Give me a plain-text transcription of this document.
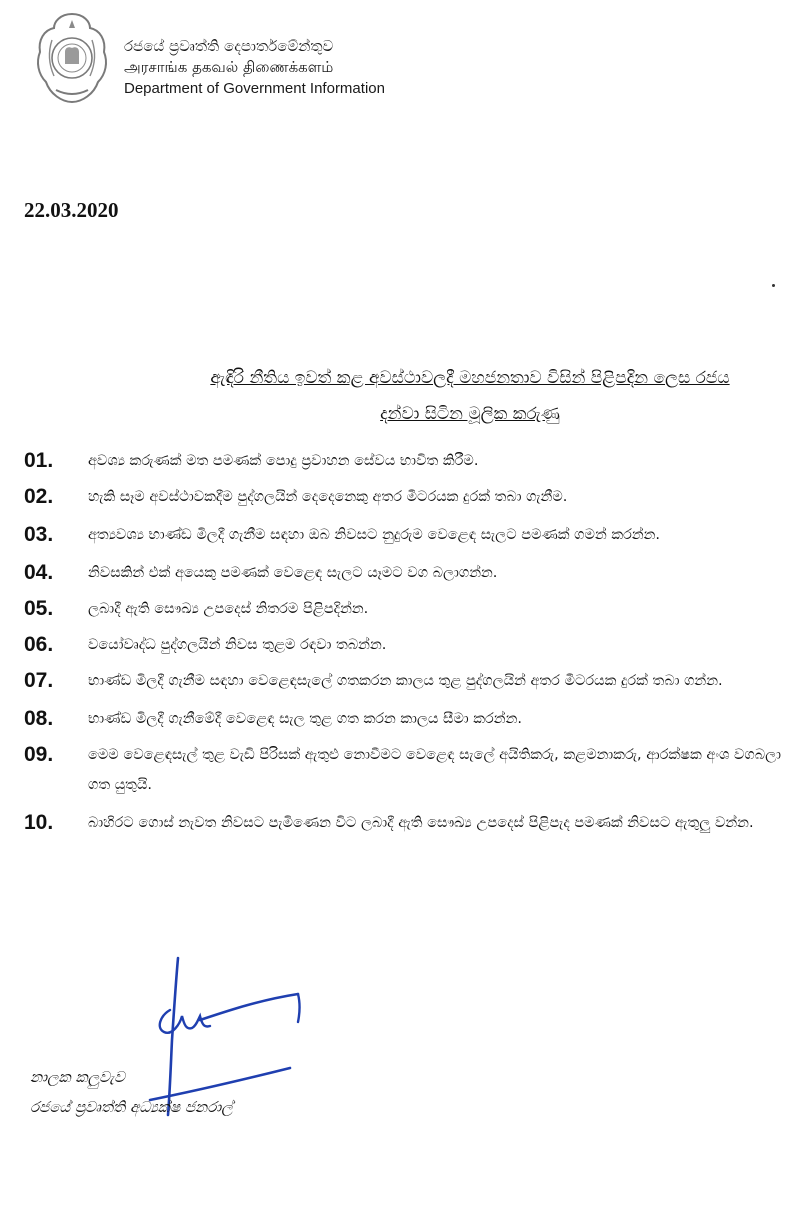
රජයේ ප්‍රවෘත්ති දෙපාර්තමේන්තුව
அரசாங்க தகவல் திணைக்களம்
Department of Government Information
22.03.2020
ඇඳිරි නීතිය ඉවත් කළ අවස්ථාවලදී මහජනතාව විසින් පිළිපදින ලෙස රජය
දන්වා සිටින මූලික කරුණු
01. අවශ්‍ය කරුණක් මත පමණක් පොදු ප්‍රවාහන සේවය භාවිත කිරීම.
02. හැකි සෑම අවස්ථාවකදීම පුද්ගලයින් දෙදෙනෙකු අතර මීටරයක දුරක් තබා ගැනීම.
03. අත්‍යවශ්‍ය භාණ්ඩ මිලදී ගැනීම සඳහා ඔබ නිවසට නුදුරුම වෙළෙඳ සැලට පමණක් ගමන් කරන්න.
04. නිවසකින් එක් අයෙකු පමණක් වෙළෙඳ සැලට යෑමට වග බලාගන්න.
05. ලබාදී ඇති සෞඛ්‍ය උපදෙස් නිතරම පිළිපදින්න.
06. වයෝවෘද්ධ පුද්ගලයින් නිවස තුළම රඳවා තබන්න.
07. භාණ්ඩ මිලදී ගැනීම සඳහා වෙළෙඳසැලේ ගතකරන කාලය තුළ පුද්ගලයින් අතර මීටරයක දුරක් තබා ගන්න.
08. භාණ්ඩ මිලදී ගැනීමේදී වෙළෙඳ සැල තුළ ගත කරන කාලය සීමා කරන්න.
09. මෙම වෙළෙඳසැල් තුළ වැඩි පිරිසක් ඇතුළු නොවීමට වෙළෙඳ සැලේ අයිතිකරු, කළමනාකරු, ආරක්ෂක අංශ වගබලා ගත යුතුයි.
10. බාහිරට ගොස් නැවත නිවසට පැමිණෙන විට ලබාදී ඇති සෞඛ්‍ය උපදෙස් පිළිපැද පමණක් නිවසට ඇතුලු වන්න.
නාලක කලුවැව
රජයේ ප්‍රවෘත්ති අධ්‍යක්ෂ ජනරාල්
